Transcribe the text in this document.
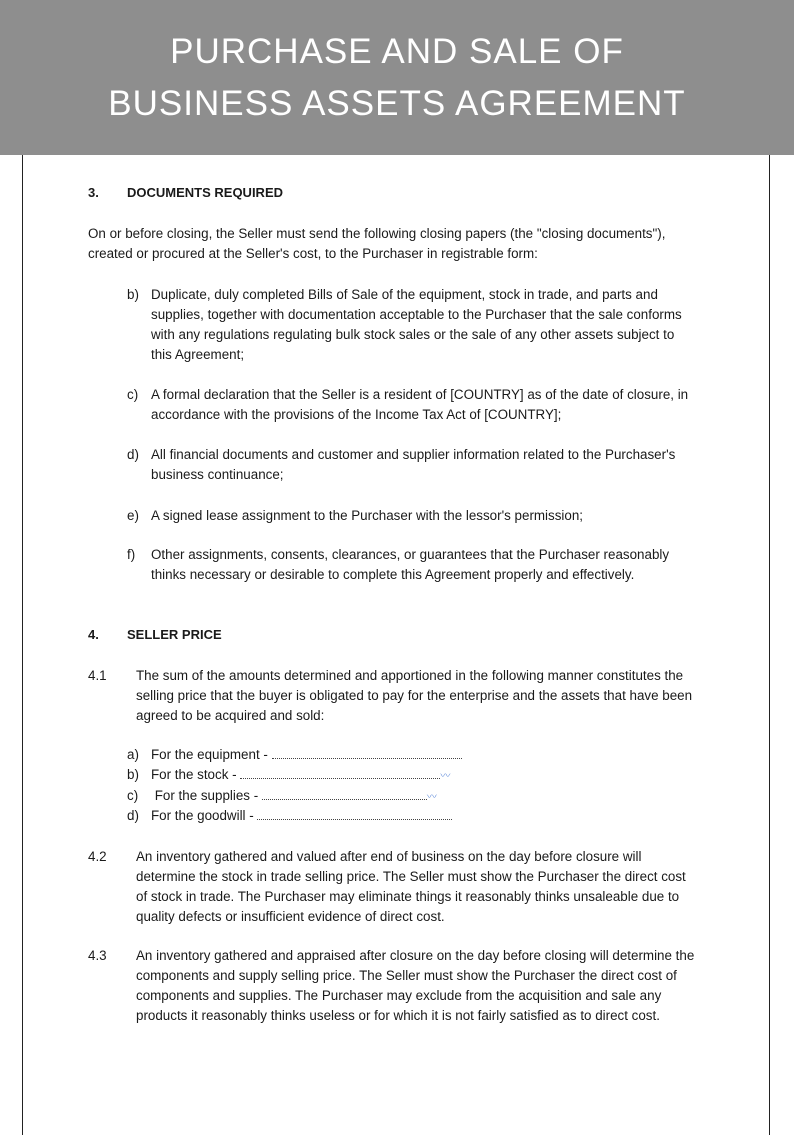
PURCHASE AND SALE OF
BUSINESS ASSETS AGREEMENT
3. DOCUMENTS REQUIRED
On or before closing, the Seller must send the following closing papers (the "closing documents"), created or procured at the Seller's cost, to the Purchaser in registrable form:
b) Duplicate, duly completed Bills of Sale of the equipment, stock in trade, and parts and supplies, together with documentation acceptable to the Purchaser that the sale conforms with any regulations regulating bulk stock sales or the sale of any other assets subject to this Agreement;
c) A formal declaration that the Seller is a resident of [COUNTRY] as of the date of closure, in accordance with the provisions of the Income Tax Act of [COUNTRY];
d) All financial documents and customer and supplier information related to the Purchaser's business continuance;
e) A signed lease assignment to the Purchaser with the lessor's permission;
f) Other assignments, consents, clearances, or guarantees that the Purchaser reasonably thinks necessary or desirable to complete this Agreement properly and effectively.
4. SELLER PRICE
4.1 The sum of the amounts determined and apportioned in the following manner constitutes the selling price that the buyer is obligated to pay for the enterprise and the assets that have been agreed to be acquired and sold:
a) For the equipment -
b) For the stock -	〰
c) For the supplies -	〰
d) For the goodwill -
4.2 An inventory gathered and valued after end of business on the day before closure will determine the stock in trade selling price. The Seller must show the Purchaser the direct cost of stock in trade. The Purchaser may eliminate things it reasonably thinks unsaleable due to quality defects or insufficient evidence of direct cost.
4.3 An inventory gathered and appraised after closure on the day before closing will determine the components and supply selling price. The Seller must show the Purchaser the direct cost of components and supplies. The Purchaser may exclude from the acquisition and sale any products it reasonably thinks useless or for which it is not fairly satisfied as to direct cost.
